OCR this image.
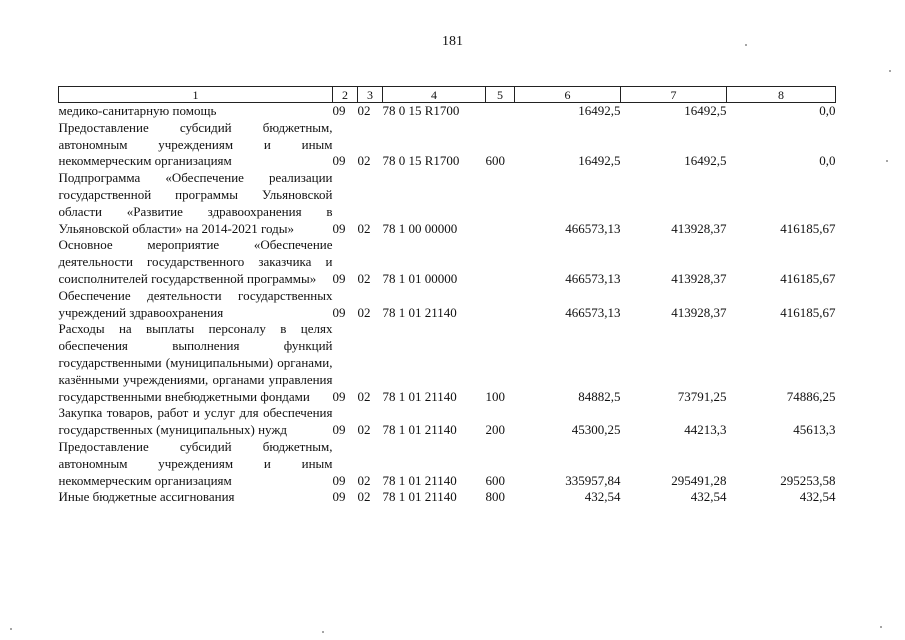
181
1	2	3	4	5	6	7	8
медико-санитарную помощь	09	02	78 0 15 R1700		16492,5	16492,5	0,0
Предоставление субсидий бюджетным, автономным учреждениям и иным некоммерческим организациям	09	02	78 0 15 R1700	600	16492,5	16492,5	0,0
Подпрограмма «Обеспечение реализации государственной программы Ульяновской области «Развитие здравоохранения в Ульяновской области» на 2014-2021 годы»	09	02	78 1 00 00000		466573,13	413928,37	416185,67
Основное мероприятие «Обеспечение деятельности государственного заказчика и соисполнителей государственной программы»	09	02	78 1 01 00000		466573,13	413928,37	416185,67
Обеспечение деятельности государственных учреждений здравоохранения	09	02	78 1 01 21140		466573,13	413928,37	416185,67
Расходы на выплаты персоналу в целях обеспечения выполнения функций государственными (муниципальными) органами, казёнными учреждениями, органами управления государственными внебюджетными фондами	09	02	78 1 01 21140	100	84882,5	73791,25	74886,25
Закупка товаров, работ и услуг для обеспечения государственных (муниципальных) нужд	09	02	78 1 01 21140	200	45300,25	44213,3	45613,3
Предоставление субсидий бюджетным, автономным учреждениям и иным некоммерческим организациям	09	02	78 1 01 21140	600	335957,84	295491,28	295253,58
Иные бюджетные ассигнования	09	02	78 1 01 21140	800	432,54	432,54	432,54
